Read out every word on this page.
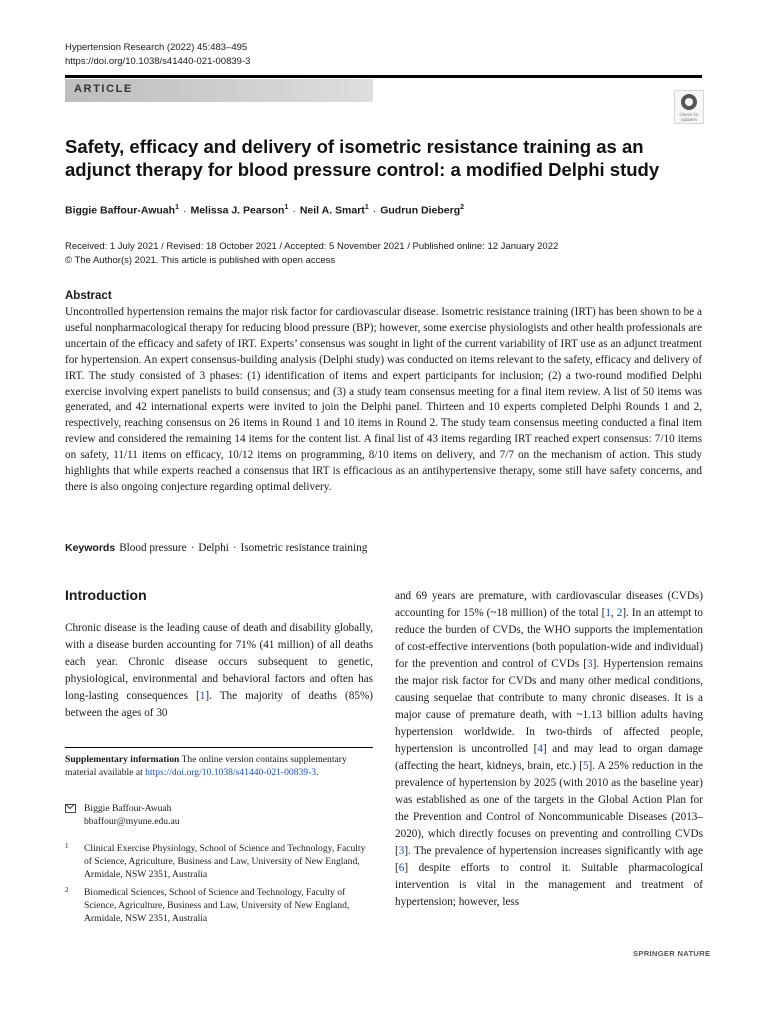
Hypertension Research (2022) 45:483–495
https://doi.org/10.1038/s41440-021-00839-3
ARTICLE
Check for updates
Safety, efficacy and delivery of isometric resistance training as an adjunct therapy for blood pressure control: a modified Delphi study
Biggie Baffour-Awuah$^1$ · Melissa J. Pearson$^1$ · Neil A. Smart$^1$ · Gudrun Dieberg$^2$
Received: 1 July 2021 / Revised: 18 October 2021 / Accepted: 5 November 2021 / Published online: 12 January 2022
© The Author(s) 2021. This article is published with open access
Abstract
Uncontrolled hypertension remains the major risk factor for cardiovascular disease. Isometric resistance training (IRT) has been shown to be a useful nonpharmacological therapy for reducing blood pressure (BP); however, some exercise physiologists and other health professionals are uncertain of the efficacy and safety of IRT. Experts’ consensus was sought in light of the current variability of IRT use as an adjunct treatment for hypertension. An expert consensus-building analysis (Delphi study) was conducted on items relevant to the safety, efficacy and delivery of IRT. The study consisted of 3 phases: (1) identification of items and expert participants for inclusion; (2) a two-round modified Delphi exercise involving expert panelists to build consensus; and (3) a study team consensus meeting for a final item review. A list of 50 items was generated, and 42 international experts were invited to join the Delphi panel. Thirteen and 10 experts completed Delphi Rounds 1 and 2, respectively, reaching consensus on 26 items in Round 1 and 10 items in Round 2. The study team consensus meeting conducted a final item review and considered the remaining 14 items for the content list. A final list of 43 items regarding IRT reached expert consensus: 7/10 items on safety, 11/11 items on efficacy, 10/12 items on programming, 8/10 items on delivery, and 7/7 on the mechanism of action. This study highlights that while experts reached a consensus that IRT is efficacious as an antihypertensive therapy, some still have safety concerns, and there is also ongoing conjecture regarding optimal delivery.
Keywords Blood pressure · Delphi · Isometric resistance training
Introduction
Chronic disease is the leading cause of death and disability globally, with a disease burden accounting for 71% (41 million) of all deaths each year. Chronic disease occurs subsequent to genetic, physiological, environmental and behavioral factors and often has long-lasting consequences [1]. The majority of deaths (85%) between the ages of 30
Supplementary information The online version contains supplementary material available at https://doi.org/10.1038/s41440-021-00839-3.
Biggie Baffour-Awuah
bbaffour@myune.edu.au
1 Clinical Exercise Physiology, School of Science and Technology, Faculty of Science, Agriculture, Business and Law, University of New England, Armidale, NSW 2351, Australia
2 Biomedical Sciences, School of Science and Technology, Faculty of Science, Agriculture, Business and Law, University of New England, Armidale, NSW 2351, Australia
and 69 years are premature, with cardiovascular diseases (CVDs) accounting for 15% (~18 million) of the total [1, 2]. In an attempt to reduce the burden of CVDs, the WHO supports the implementation of cost-effective interventions (both population-wide and individual) for the prevention and control of CVDs [3]. Hypertension remains the major risk factor for CVDs and many other medical conditions, causing sequelae that contribute to many chronic diseases. It is a major cause of premature death, with ~1.13 billion adults having hypertension worldwide. In two-thirds of affected people, hypertension is uncontrolled [4] and may lead to organ damage (affecting the heart, kidneys, brain, etc.) [5]. A 25% reduction in the prevalence of hypertension by 2025 (with 2010 as the baseline year) was established as one of the targets in the Global Action Plan for the Prevention and Control of Noncommunicable Diseases (2013–2020), which directly focuses on preventing and controlling CVDs [3]. The prevalence of hypertension increases significantly with age [6] despite efforts to control it. Suitable pharmacological intervention is vital in the management and treatment of hypertension; however, less
SPRINGER NATURE
